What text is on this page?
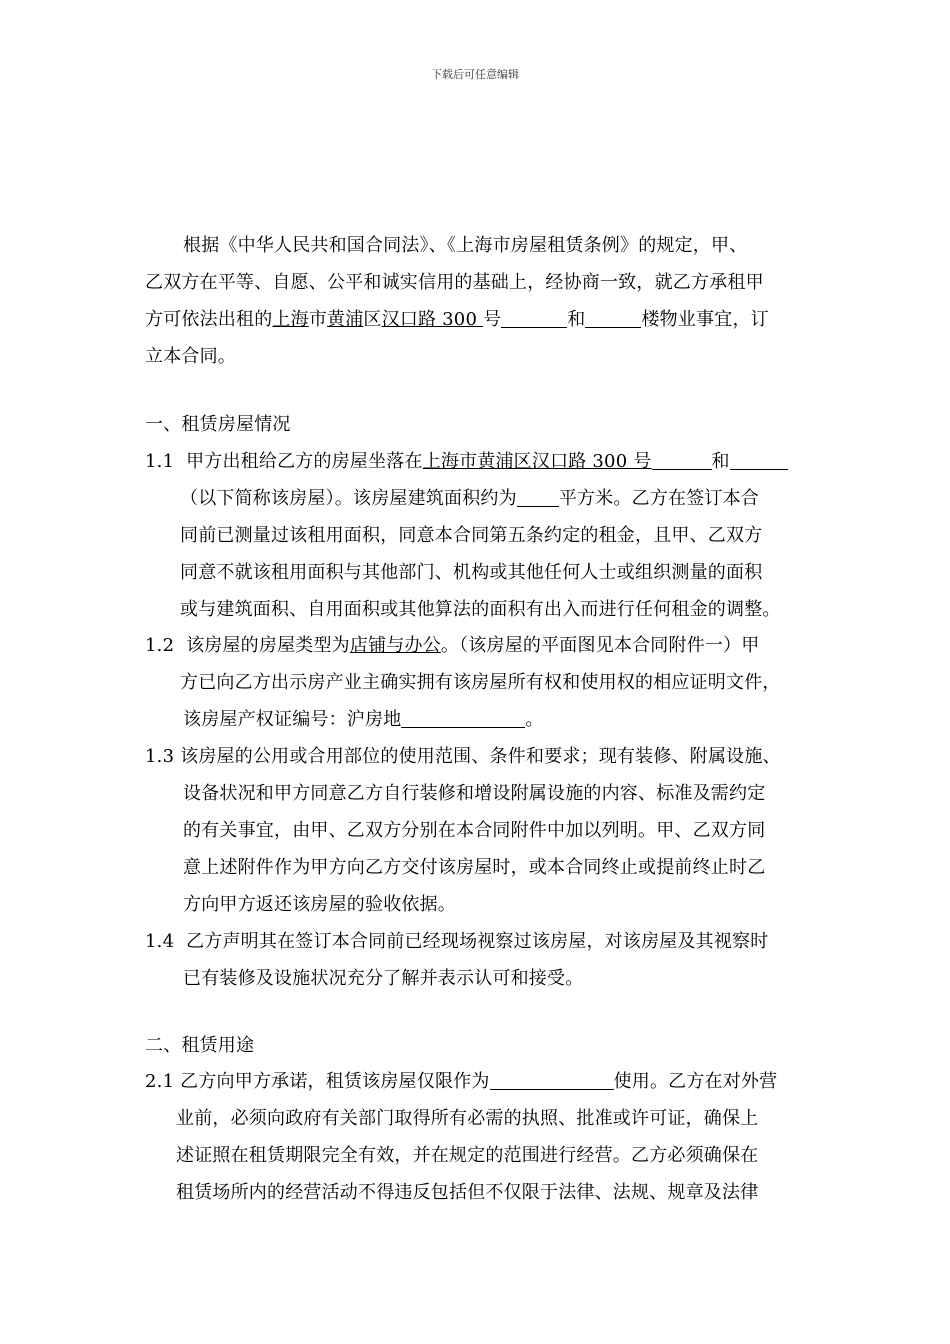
下载后可任意编辑
根据《中华人民共和国合同法》、《上海市房屋租赁条例》的规定，甲、
乙双方在平等、自愿、公平和诚实信用的基础上，经协商一致，就乙方承租甲
方可依法出租的上海市黄浦区汉口路 300 号	和	楼物业事宜，订
立本合同。
一、租赁房屋情况
1.1 甲方出租给乙方的房屋坐落在上海市黄浦区汉口路 300 号	和
（以下简称该房屋）。该房屋建筑面积约为 平方米。乙方在签订本合
同前已测量过该租用面积，同意本合同第五条约定的租金，且甲、乙双方
同意不就该租用面积与其他部门、机构或其他任何人士或组织测量的面积
或与建筑面积、自用面积或其他算法的面积有出入而进行任何租金的调整。
1.2 该房屋的房屋类型为店铺与办公。（该房屋的平面图见本合同附件一）甲
方已向乙方出示房产业主确实拥有该房屋所有权和使用权的相应证明文件，
该房屋产权证编号：沪房地	。
1.3 该房屋的公用或合用部位的使用范围、条件和要求；现有装修、附属设施、
设备状况和甲方同意乙方自行装修和增设附属设施的内容、标准及需约定
的有关事宜，由甲、乙双方分别在本合同附件中加以列明。甲、乙双方同
意上述附件作为甲方向乙方交付该房屋时，或本合同终止或提前终止时乙
方向甲方返还该房屋的验收依据。
1.4 乙方声明其在签订本合同前已经现场视察过该房屋，对该房屋及其视察时
已有装修及设施状况充分了解并表示认可和接受。
二、租赁用途
2.1 乙方向甲方承诺，租赁该房屋仅限作为	使用。乙方在对外营
业前，必须向政府有关部门取得所有必需的执照、批准或许可证，确保上
述证照在租赁期限完全有效，并在规定的范围进行经营。乙方必须确保在
租赁场所内的经营活动不得违反包括但不仅限于法律、法规、规章及法律
